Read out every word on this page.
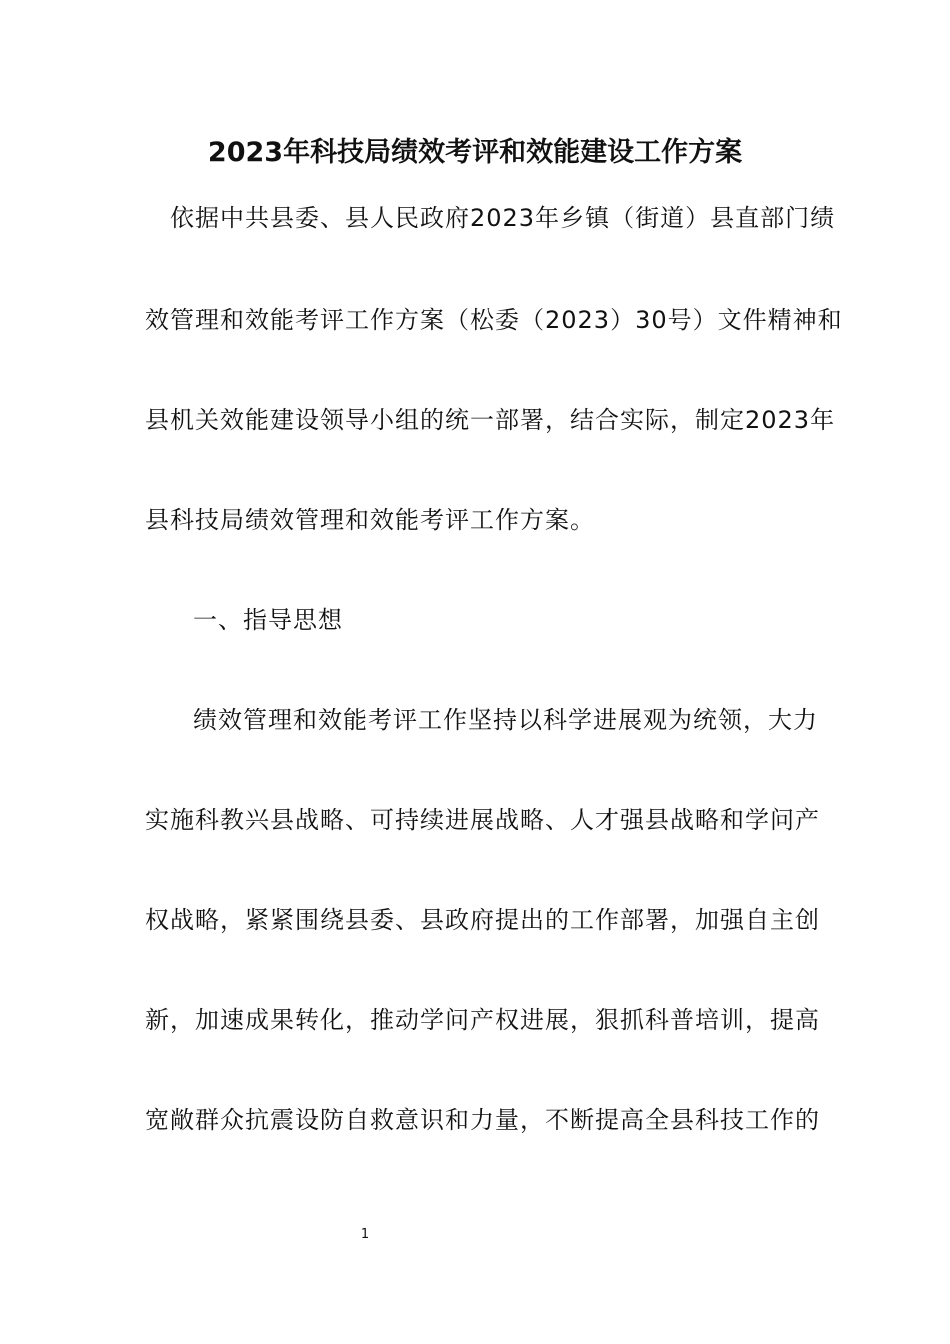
2023年科技局绩效考评和效能建设工作方案
依据中共县委、县人民政府2023年乡镇（街道）县直部门绩
效管理和效能考评工作方案（松委（2023）30号）文件精神和
县机关效能建设领导小组的统一部署，结合实际，制定2023年
县科技局绩效管理和效能考评工作方案。
一、指导思想
绩效管理和效能考评工作坚持以科学进展观为统领，大力
实施科教兴县战略、可持续进展战略、人才强县战略和学问产
权战略，紧紧围绕县委、县政府提出的工作部署，加强自主创
新，加速成果转化，推动学问产权进展，狠抓科普培训，提高
宽敞群众抗震设防自救意识和力量，不断提高全县科技工作的
1
